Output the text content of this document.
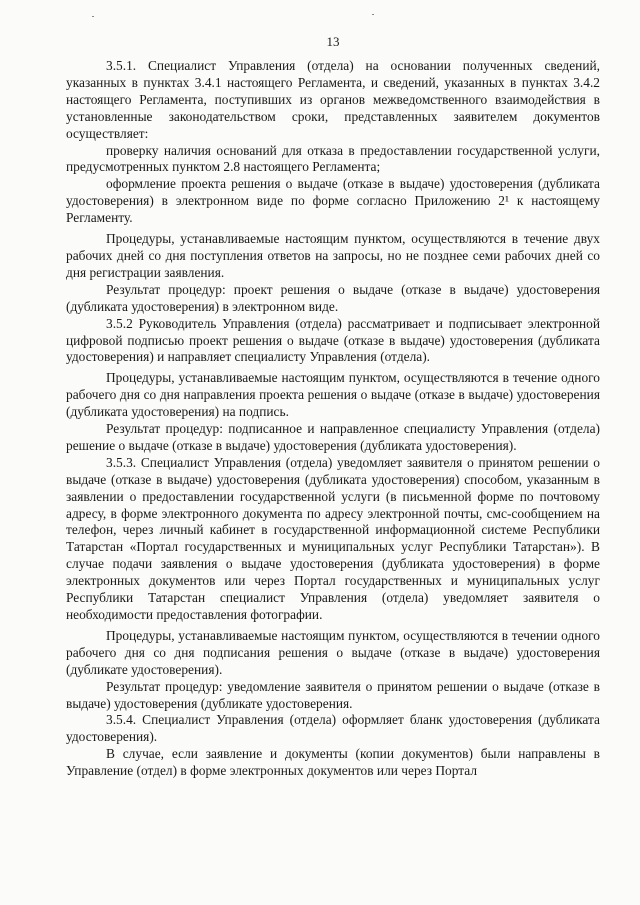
13

3.5.1. Специалист Управления (отдела) на основании полученных сведений, указанных в пунктах 3.4.1 настоящего Регламента, и сведений, указанных в пунктах 3.4.2 настоящего Регламента, поступивших из органов межведомственного взаимодействия в установленные законодательством сроки, представленных заявителем документов осуществляет:

проверку наличия оснований для отказа в предоставлении государственной услуги, предусмотренных пунктом 2.8 настоящего Регламента;

оформление проекта решения о выдаче (отказе в выдаче) удостоверения (дубликата удостоверения) в электронном виде по форме согласно Приложению 2¹ к настоящему Регламенту.

Процедуры, устанавливаемые настоящим пунктом, осуществляются в течение двух рабочих дней со дня поступления ответов на запросы, но не позднее семи рабочих дней со дня регистрации заявления.

Результат процедур: проект решения о выдаче (отказе в выдаче) удостоверения (дубликата удостоверения) в электронном виде.

3.5.2 Руководитель Управления (отдела) рассматривает и подписывает электронной цифровой подписью проект решения о выдаче (отказе в выдаче) удостоверения (дубликата удостоверения) и направляет специалисту Управления (отдела).

Процедуры, устанавливаемые настоящим пунктом, осуществляются в течение одного рабочего дня со дня направления проекта решения о выдаче (отказе в выдаче) удостоверения (дубликата удостоверения) на подпись.

Результат процедур: подписанное и направленное специалисту Управления (отдела) решение о выдаче (отказе в выдаче) удостоверения (дубликата удостоверения).

3.5.3. Специалист Управления (отдела) уведомляет заявителя о принятом решении о выдаче (отказе в выдаче) удостоверения (дубликата удостоверения) способом, указанным в заявлении о предоставлении государственной услуги (в письменной форме по почтовому адресу, в форме электронного документа по адресу электронной почты, смс-сообщением на телефон, через личный кабинет в государственной информационной системе Республики Татарстан «Портал государственных и муниципальных услуг Республики Татарстан»). В случае подачи заявления о выдаче удостоверения (дубликата удостоверения) в форме электронных документов или через Портал государственных и муниципальных услуг Республики Татарстан специалист Управления (отдела) уведомляет заявителя о необходимости предоставления фотографии.

Процедуры, устанавливаемые настоящим пунктом, осуществляются в течении одного рабочего дня со дня подписания решения о выдаче (отказе в выдаче) удостоверения (дубликате удостоверения).

Результат процедур: уведомление заявителя о принятом решении о выдаче (отказе в выдаче) удостоверения (дубликате удостоверения.

3.5.4. Специалист Управления (отдела) оформляет бланк удостоверения (дубликата удостоверения).

В случае, если заявление и документы (копии документов) были направлены в Управление (отдел) в форме электронных документов или через Портал
